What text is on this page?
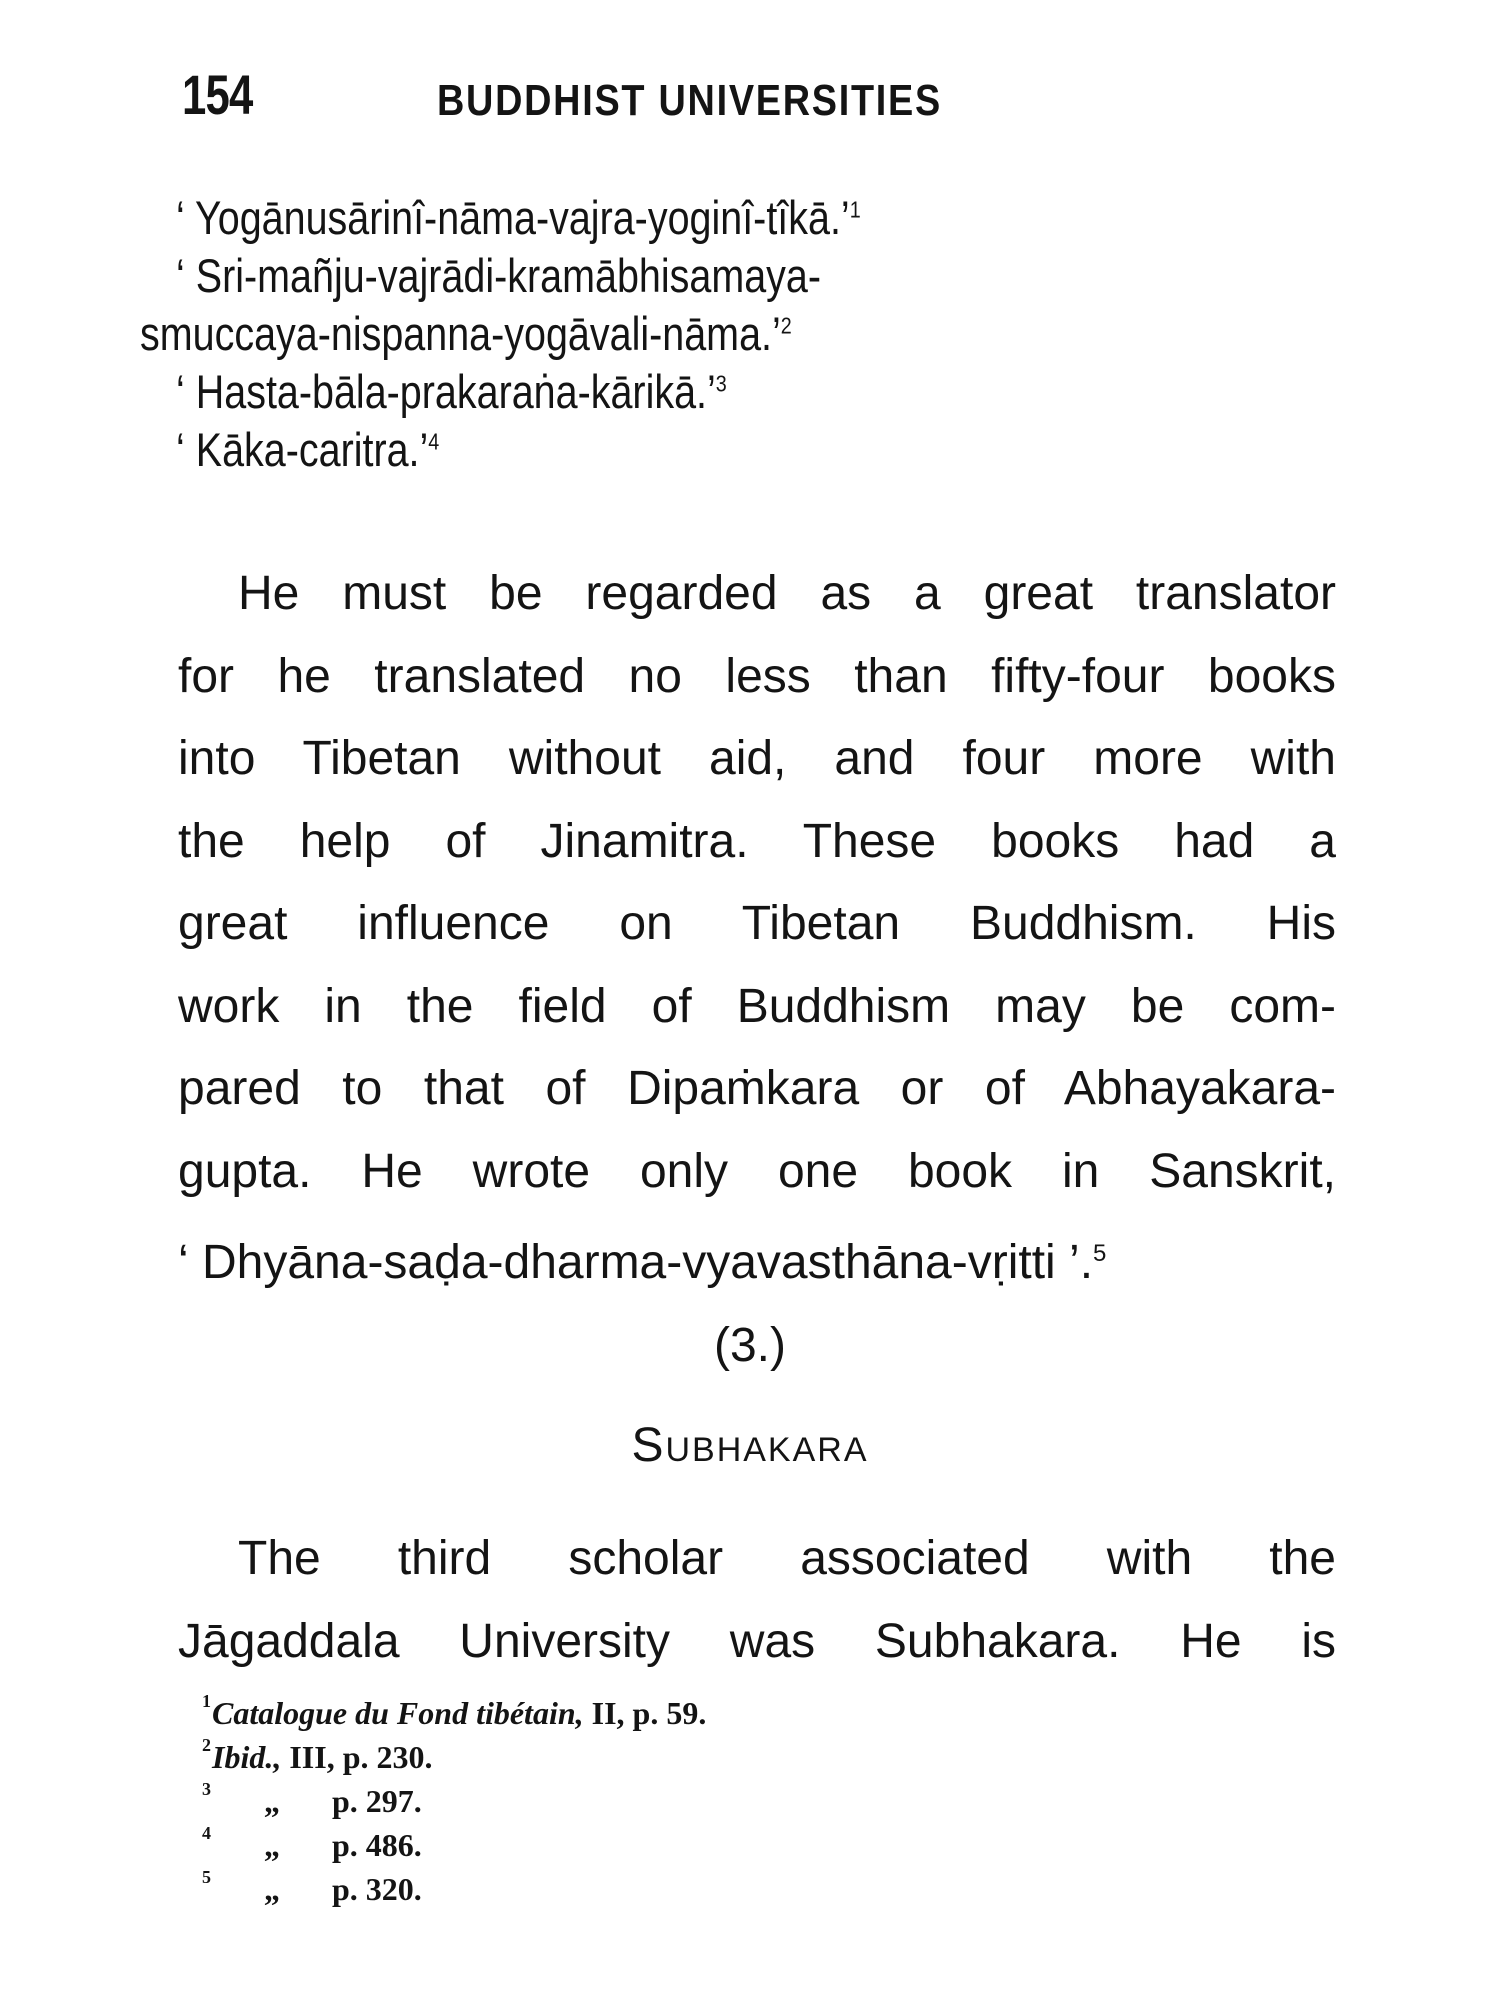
154	BUDDHIST UNIVERSITIES
‘ Yogānusārinî-nāma-vajra-yoginî-tîkā.’$^1$
‘ Sri-mañju-vajrādi-kramābhisamaya-
smuccaya-nispanna-yogāvali-nāma.’$^2$
‘ Hasta-bāla-prakaraṅa-kārikā.’$^3$
‘ Kāka-caritra.’$^4$
He must be regarded as a great translator
for he translated no less than fifty-four books
into Tibetan without aid, and four more with
the help of Jinamitra. These books had a
great influence on Tibetan Buddhism. His
work in the field of Buddhism may be com-
pared to that of Dipaṁkara or of Abhayakara-
gupta. He wrote only one book in Sanskrit,
‘ Dhyāna-saḍa-dharma-vyavasthāna-vṛitti ’.$^5$
(3.)
Subhakara
The third scholar associated with the
Jāgaddala University was Subhakara. He is
1 Catalogue du Fond tibétain, II, p. 59.
2 Ibid., III, p. 230.
3 „ p. 297.
4 „ p. 486.
5 „ p. 320.
